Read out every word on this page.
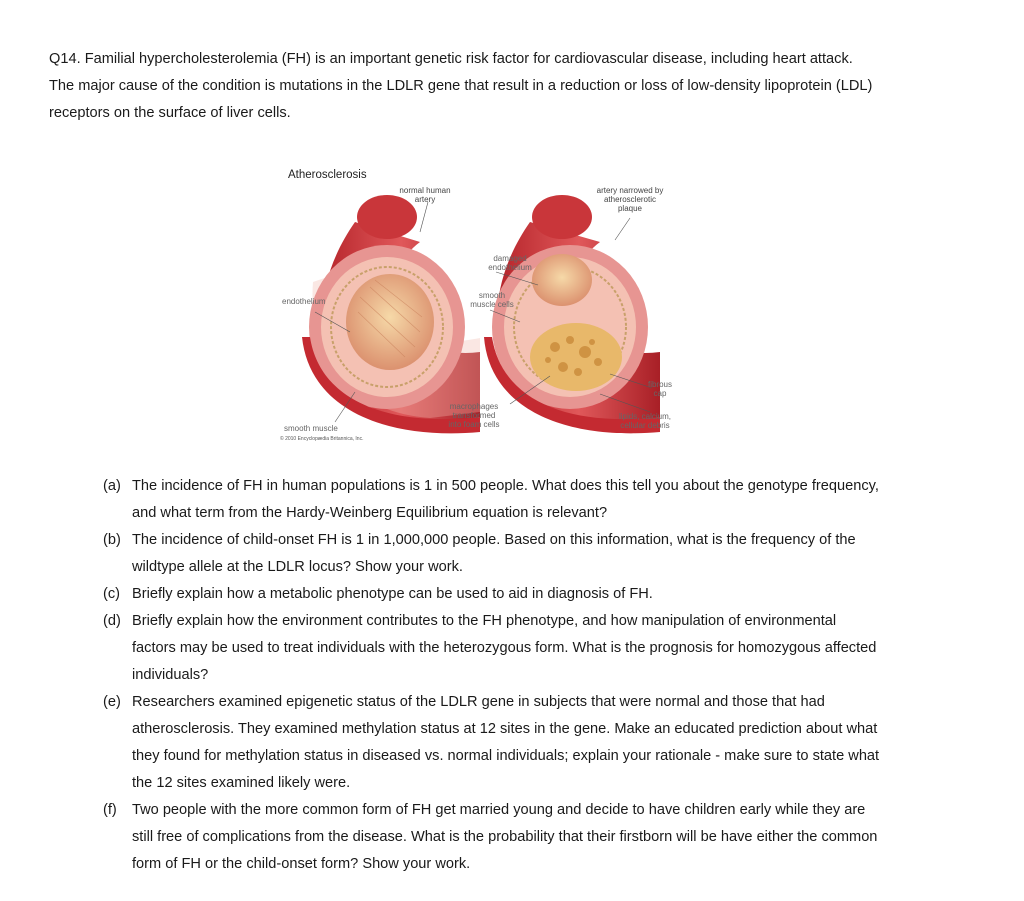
Q14. Familial hypercholesterolemia (FH) is an important genetic risk factor for cardiovascular disease, including heart attack. The major cause of the condition is mutations in the LDLR gene that result in a reduction or loss of low-density lipoprotein (LDL) receptors on the surface of liver cells.

Atherosclerosis
normal human
artery
artery narrowed by
atherosclerotic
plaque
damaged
endothelium
endothelium
smooth
muscle cells
fibrous
cap
macrophages
transformed
into foam cells
lipids, calcium,
cellular debris
smooth muscle
© 2010 Encyclopædia Britannica, Inc.
(a) The incidence of FH in human populations is 1 in 500 people. What does this tell you about the genotype frequency, and what term from the Hardy-Weinberg Equilibrium equation is relevant?
(b) The incidence of child-onset FH is 1 in 1,000,000 people. Based on this information, what is the frequency of the wildtype allele at the LDLR locus? Show your work.
(c) Briefly explain how a metabolic phenotype can be used to aid in diagnosis of FH.
(d) Briefly explain how the environment contributes to the FH phenotype, and how manipulation of environmental factors may be used to treat individuals with the heterozygous form. What is the prognosis for homozygous affected individuals?
(e) Researchers examined epigenetic status of the LDLR gene in subjects that were normal and those that had atherosclerosis. They examined methylation status at 12 sites in the gene. Make an educated prediction about what they found for methylation status in diseased vs. normal individuals; explain your rationale - make sure to state what the 12 sites examined likely were.
(f) Two people with the more common form of FH get married young and decide to have children early while they are still free of complications from the disease. What is the probability that their firstborn will be have either the common form of FH or the child-onset form? Show your work.
